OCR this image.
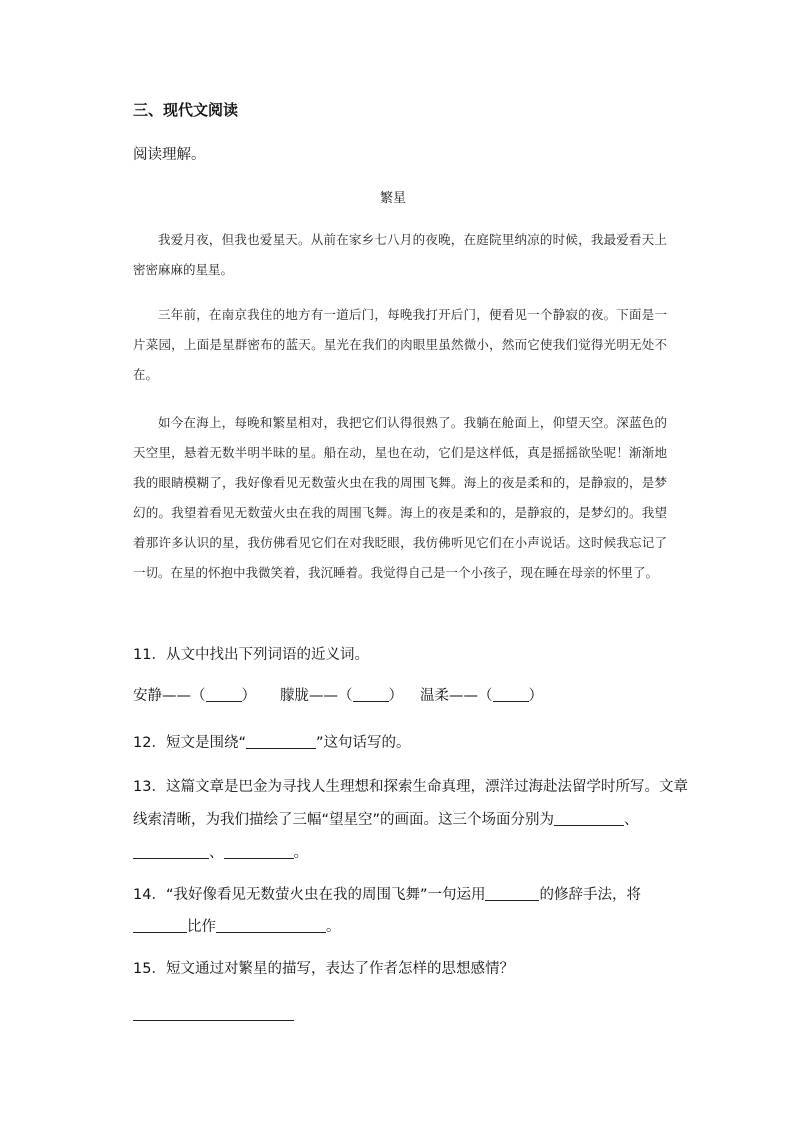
三、现代文阅读
阅读理解。
繁星
我爱月夜，但我也爱星天。从前在家乡七八月的夜晚，在庭院里纳凉的时候，我最爱看天上密密麻麻的星星。
三年前，在南京我住的地方有一道后门，每晚我打开后门，便看见一个静寂的夜。下面是一片菜园，上面是星群密布的蓝天。星光在我们的肉眼里虽然微小，然而它使我们觉得光明无处不在。
如今在海上，每晚和繁星相对，我把它们认得很熟了。我躺在舱面上，仰望天空。深蓝色的天空里，悬着无数半明半昧的星。船在动，星也在动，它们是这样低，真是摇摇欲坠呢！渐渐地我的眼睛模糊了，我好像看见无数萤火虫在我的周围飞舞。海上的夜是柔和的，是静寂的，是梦幻的。我望着看见无数萤火虫在我的周围飞舞。海上的夜是柔和的，是静寂的，是梦幻的。我望着那许多认识的星，我仿佛看见它们在对我眨眼，我仿佛听见它们在小声说话。这时候我忘记了一切。在星的怀抱中我微笑着，我沉睡着。我觉得自己是一个小孩子，现在睡在母亲的怀里了。
11．从文中找出下列词语的近义词。
安静——（ ） 朦胧——（ ） 温柔——（ ）
12．短文是围绕“	”这句话写的。
13．这篇文章是巴金为寻找人生理想和探索生命真理，漂洋过海赴法留学时所写。文章
线索清晰，为我们描绘了三幅“望星空”的画面。这三个场面分别为	、
、	。
14．“我好像看见无数萤火虫在我的周围飞舞”一句运用	的修辞手法，将
比作	。
15．短文通过对繁星的描写，表达了作者怎样的思想感情？
